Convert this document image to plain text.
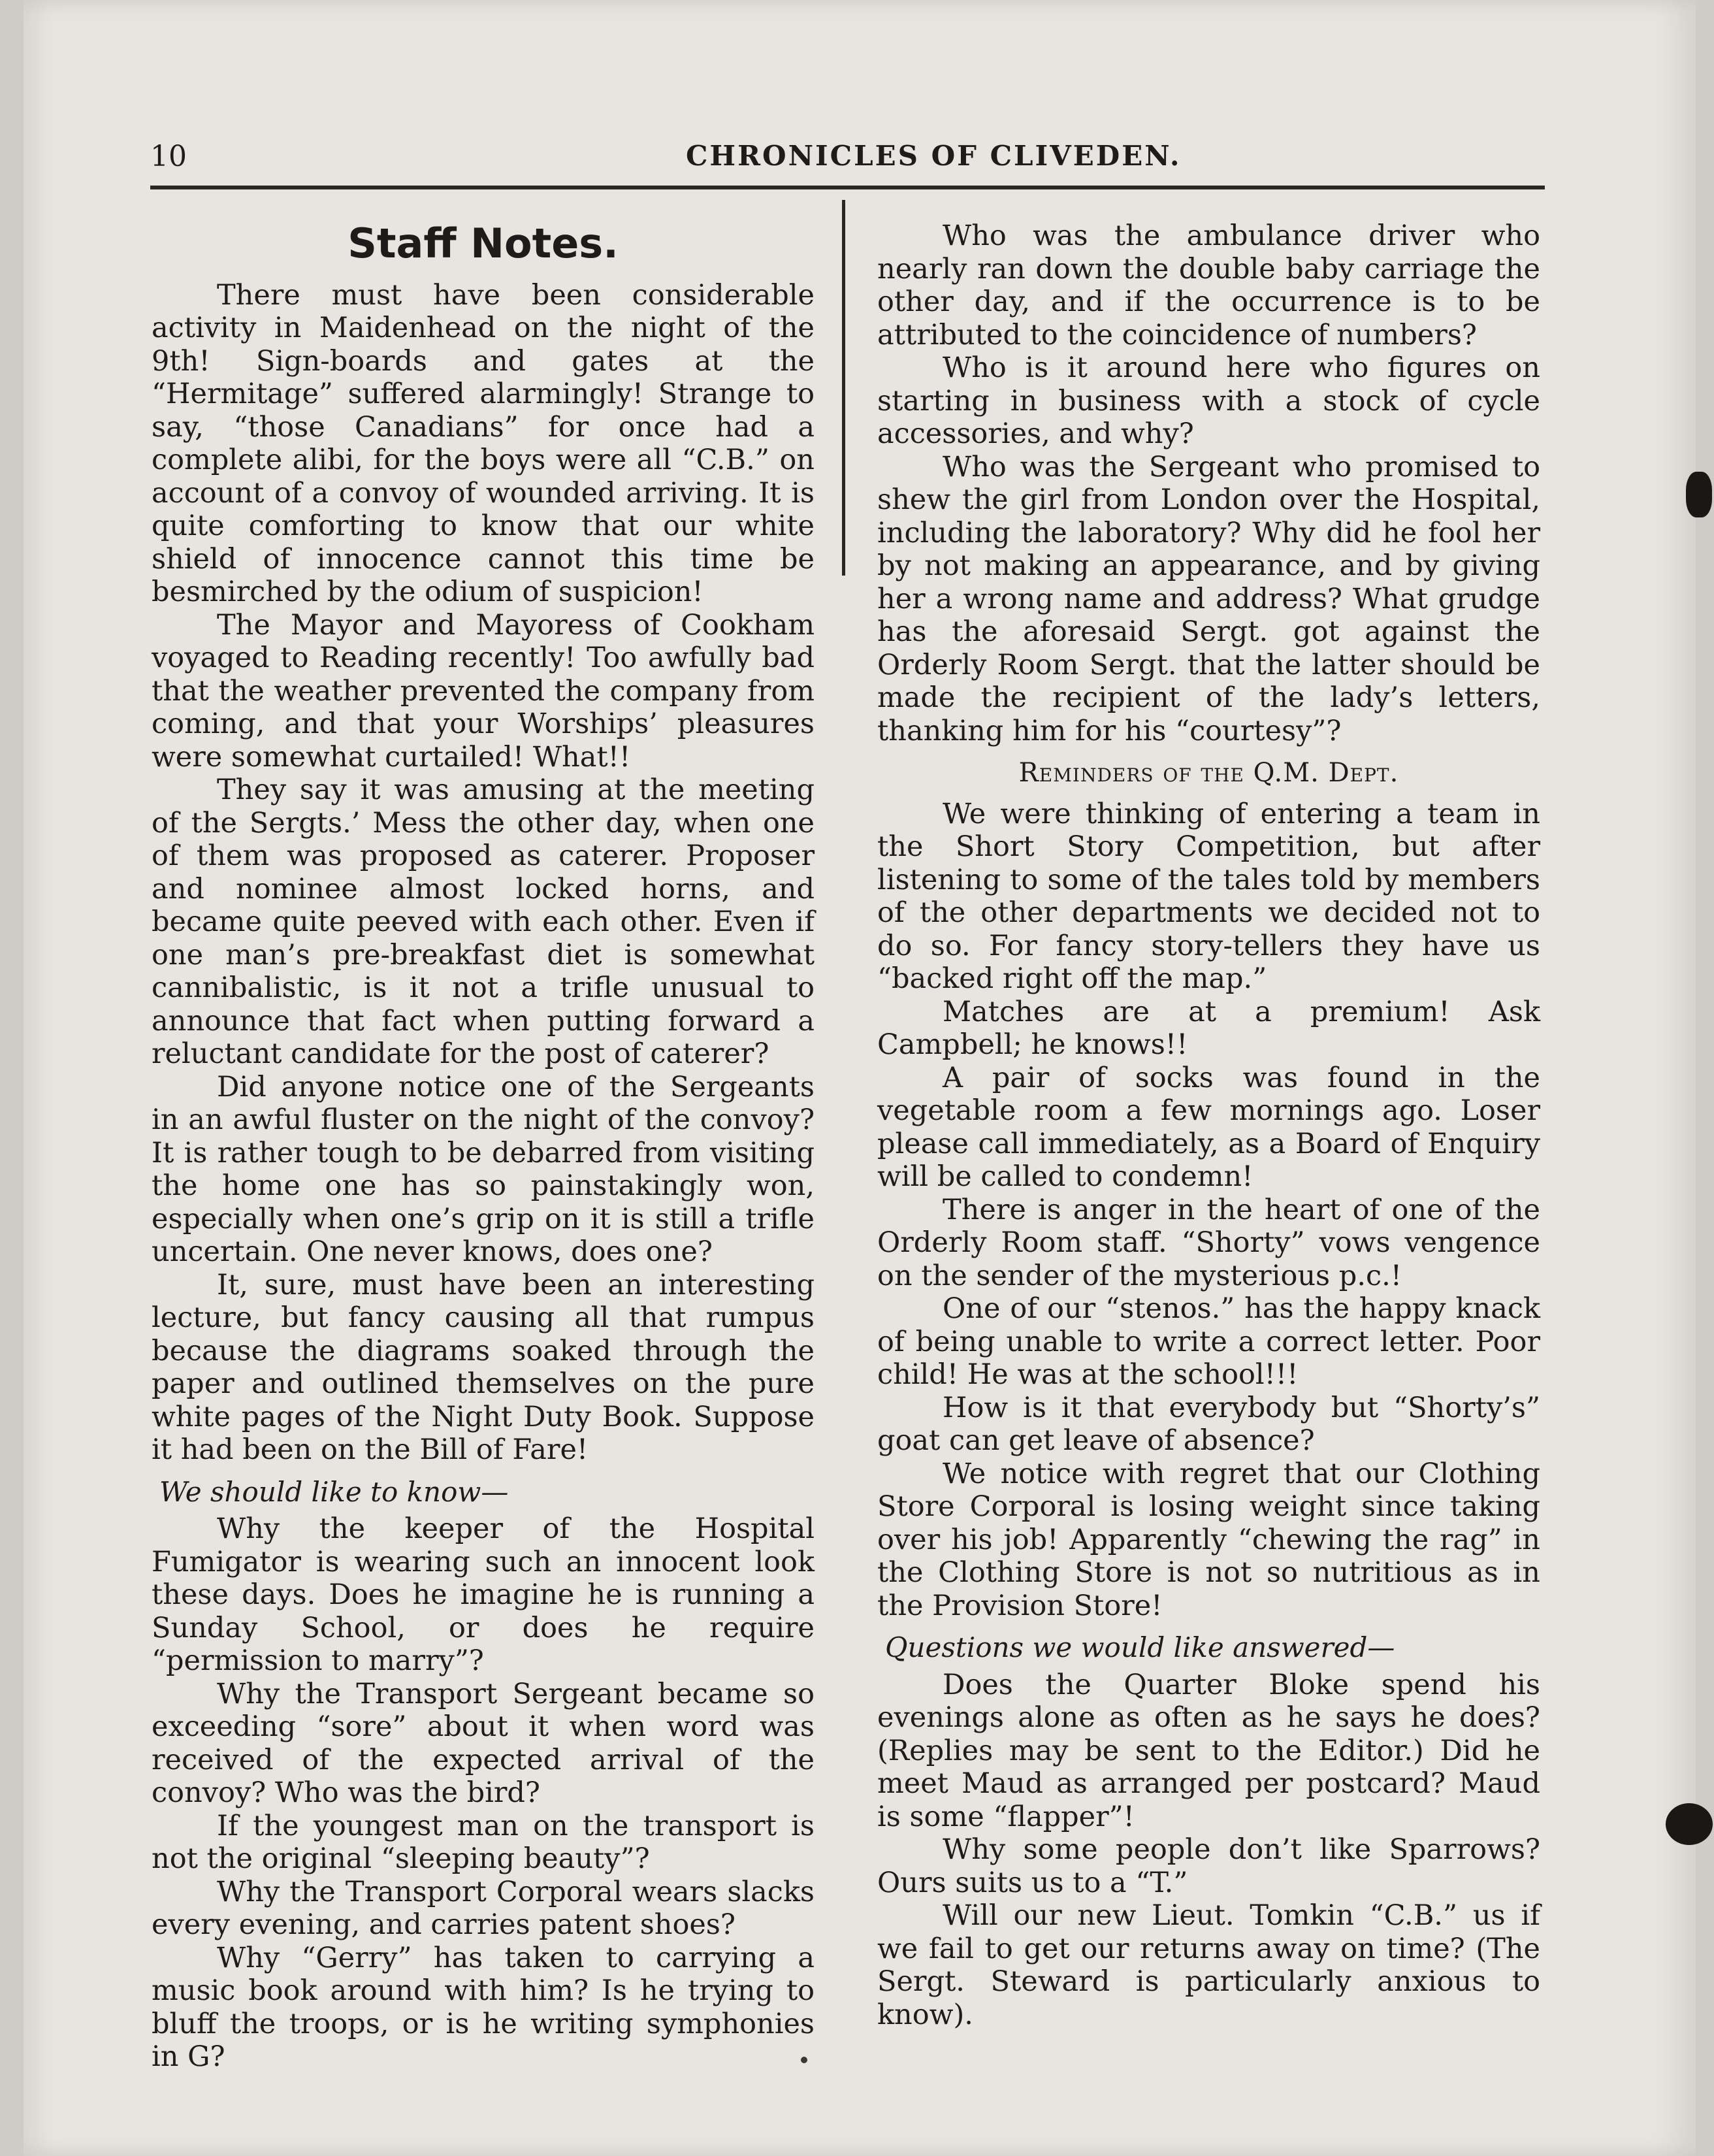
10	CHRONICLES OF CLIVEDEN.
Staff Notes.

There must have been considerable activity in Maidenhead on the night of the 9th! Sign-boards and gates at the “Hermitage” suffered alarmingly! Strange to say, “those Canadians” for once had a complete alibi, for the boys were all “C.B.” on account of a convoy of wounded arriving. It is quite comforting to know that our white shield of innocence cannot this time be besmirched by the odium of suspicion!

The Mayor and Mayoress of Cookham voyaged to Reading recently! Too awfully bad that the weather prevented the company from coming, and that your Worships’ pleasures were somewhat curtailed! What!!

They say it was amusing at the meeting of the Sergts.’ Mess the other day, when one of them was proposed as caterer. Proposer and nominee almost locked horns, and became quite peeved with each other. Even if one man’s pre-breakfast diet is somewhat cannibalistic, is it not a trifle unusual to announce that fact when putting forward a reluctant candidate for the post of caterer?

Did anyone notice one of the Sergeants in an awful fluster on the night of the convoy? It is rather tough to be debarred from visiting the home one has so painstakingly won, especially when one’s grip on it is still a trifle uncertain. One never knows, does one?

It, sure, must have been an interesting lecture, but fancy causing all that rumpus because the diagrams soaked through the paper and outlined themselves on the pure white pages of the Night Duty Book. Suppose it had been on the Bill of Fare!

We should like to know—

Why the keeper of the Hospital Fumigator is wearing such an innocent look these days. Does he imagine he is running a Sunday School, or does he require “permission to marry”?

Why the Transport Sergeant became so exceeding “sore” about it when word was received of the expected arrival of the convoy? Who was the bird?

If the youngest man on the transport is not the original “sleeping beauty”?

Why the Transport Corporal wears slacks every evening, and carries patent shoes?

Why “Gerry” has taken to carrying a music book around with him? Is he trying to bluff the troops, or is he writing symphonies in G?

Who was the ambulance driver who nearly ran down the double baby carriage the other day, and if the occurrence is to be attributed to the coincidence of numbers?

Who is it around here who figures on starting in business with a stock of cycle accessories, and why?

Who was the Sergeant who promised to shew the girl from London over the Hospital, including the laboratory? Why did he fool her by not making an appearance, and by giving her a wrong name and address? What grudge has the aforesaid Sergt. got against the Orderly Room Sergt. that the latter should be made the recipient of the lady’s letters, thanking him for his “courtesy”?

Reminders of the Q.M. Dept.

We were thinking of entering a team in the Short Story Competition, but after listening to some of the tales told by members of the other departments we decided not to do so. For fancy story-tellers they have us “backed right off the map.”

Matches are at a premium! Ask Campbell; he knows!!

A pair of socks was found in the vegetable room a few mornings ago. Loser please call immediately, as a Board of Enquiry will be called to condemn!

There is anger in the heart of one of the Orderly Room staff. “Shorty” vows vengence on the sender of the mysterious p.c.!

One of our “stenos.” has the happy knack of being unable to write a correct letter. Poor child! He was at the school!!!

How is it that everybody but “Shorty’s” goat can get leave of absence?

We notice with regret that our Clothing Store Corporal is losing weight since taking over his job! Apparently “chewing the rag” in the Clothing Store is not so nutritious as in the Provision Store!

Questions we would like answered—

Does the Quarter Bloke spend his evenings alone as often as he says he does? (Replies may be sent to the Editor.) Did he meet Maud as arranged per postcard? Maud is some “flapper”!

Why some people don’t like Sparrows? Ours suits us to a “T.”

Will our new Lieut. Tomkin “C.B.” us if we fail to get our returns away on time? (The Sergt. Steward is particularly anxious to know).
